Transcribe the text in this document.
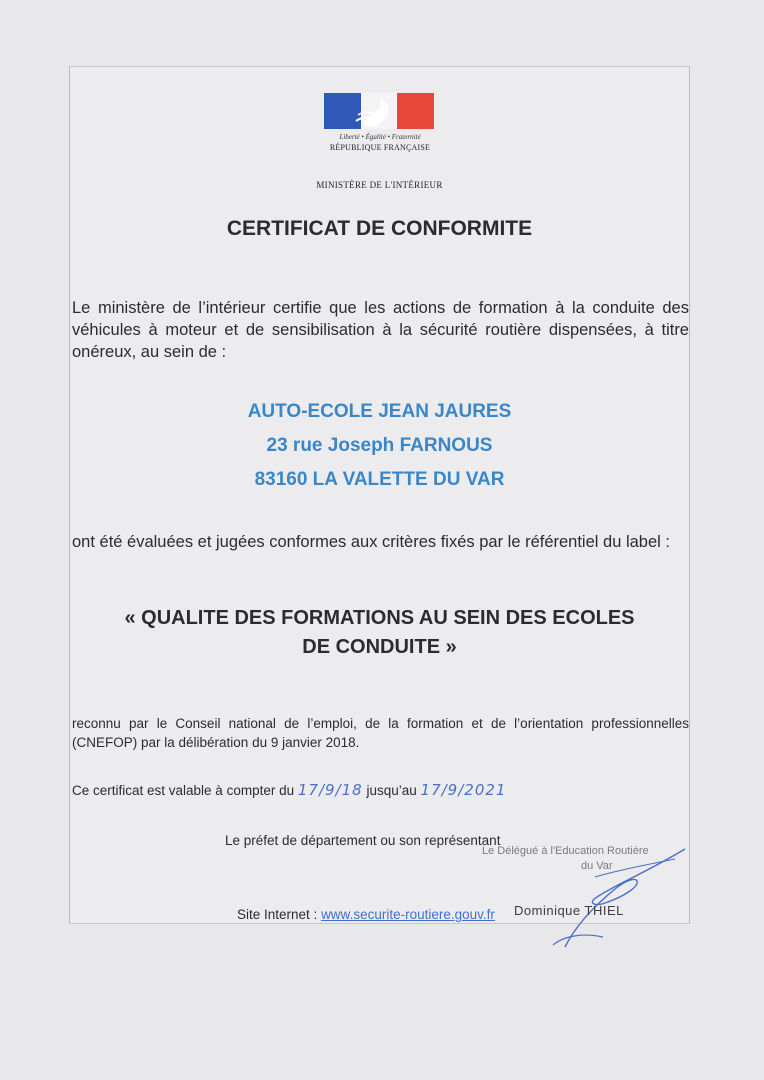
Liberté • Égalité • Fraternité
RÉPUBLIQUE FRANÇAISE
MINISTÈRE DE L'INTÉRIEUR
CERTIFICAT DE CONFORMITE
Le ministère de l’intérieur certifie que les actions de formation à la conduite des véhicules à moteur et de sensibilisation à la sécurité routière dispensées, à titre onéreux, au sein de :
AUTO-ECOLE JEAN JAURES
23 rue Joseph FARNOUS
83160 LA VALETTE DU VAR
ont été évaluées et jugées conformes aux critères fixés par le référentiel du label :
« QUALITE DES FORMATIONS AU SEIN DES ECOLES
DE CONDUITE »
reconnu par le Conseil national de l’emploi, de la formation et de l’orientation professionnelles (CNEFOP) par la délibération du 9 janvier 2018.
Ce certificat est valable à compter du 17/9/18 jusqu’au 17/9/2021
Le préfet de département ou son représentant
Le Délégué à l'Education Routière
du Var
Dominique THIEL
Site Internet : www.securite-routiere.gouv.fr
